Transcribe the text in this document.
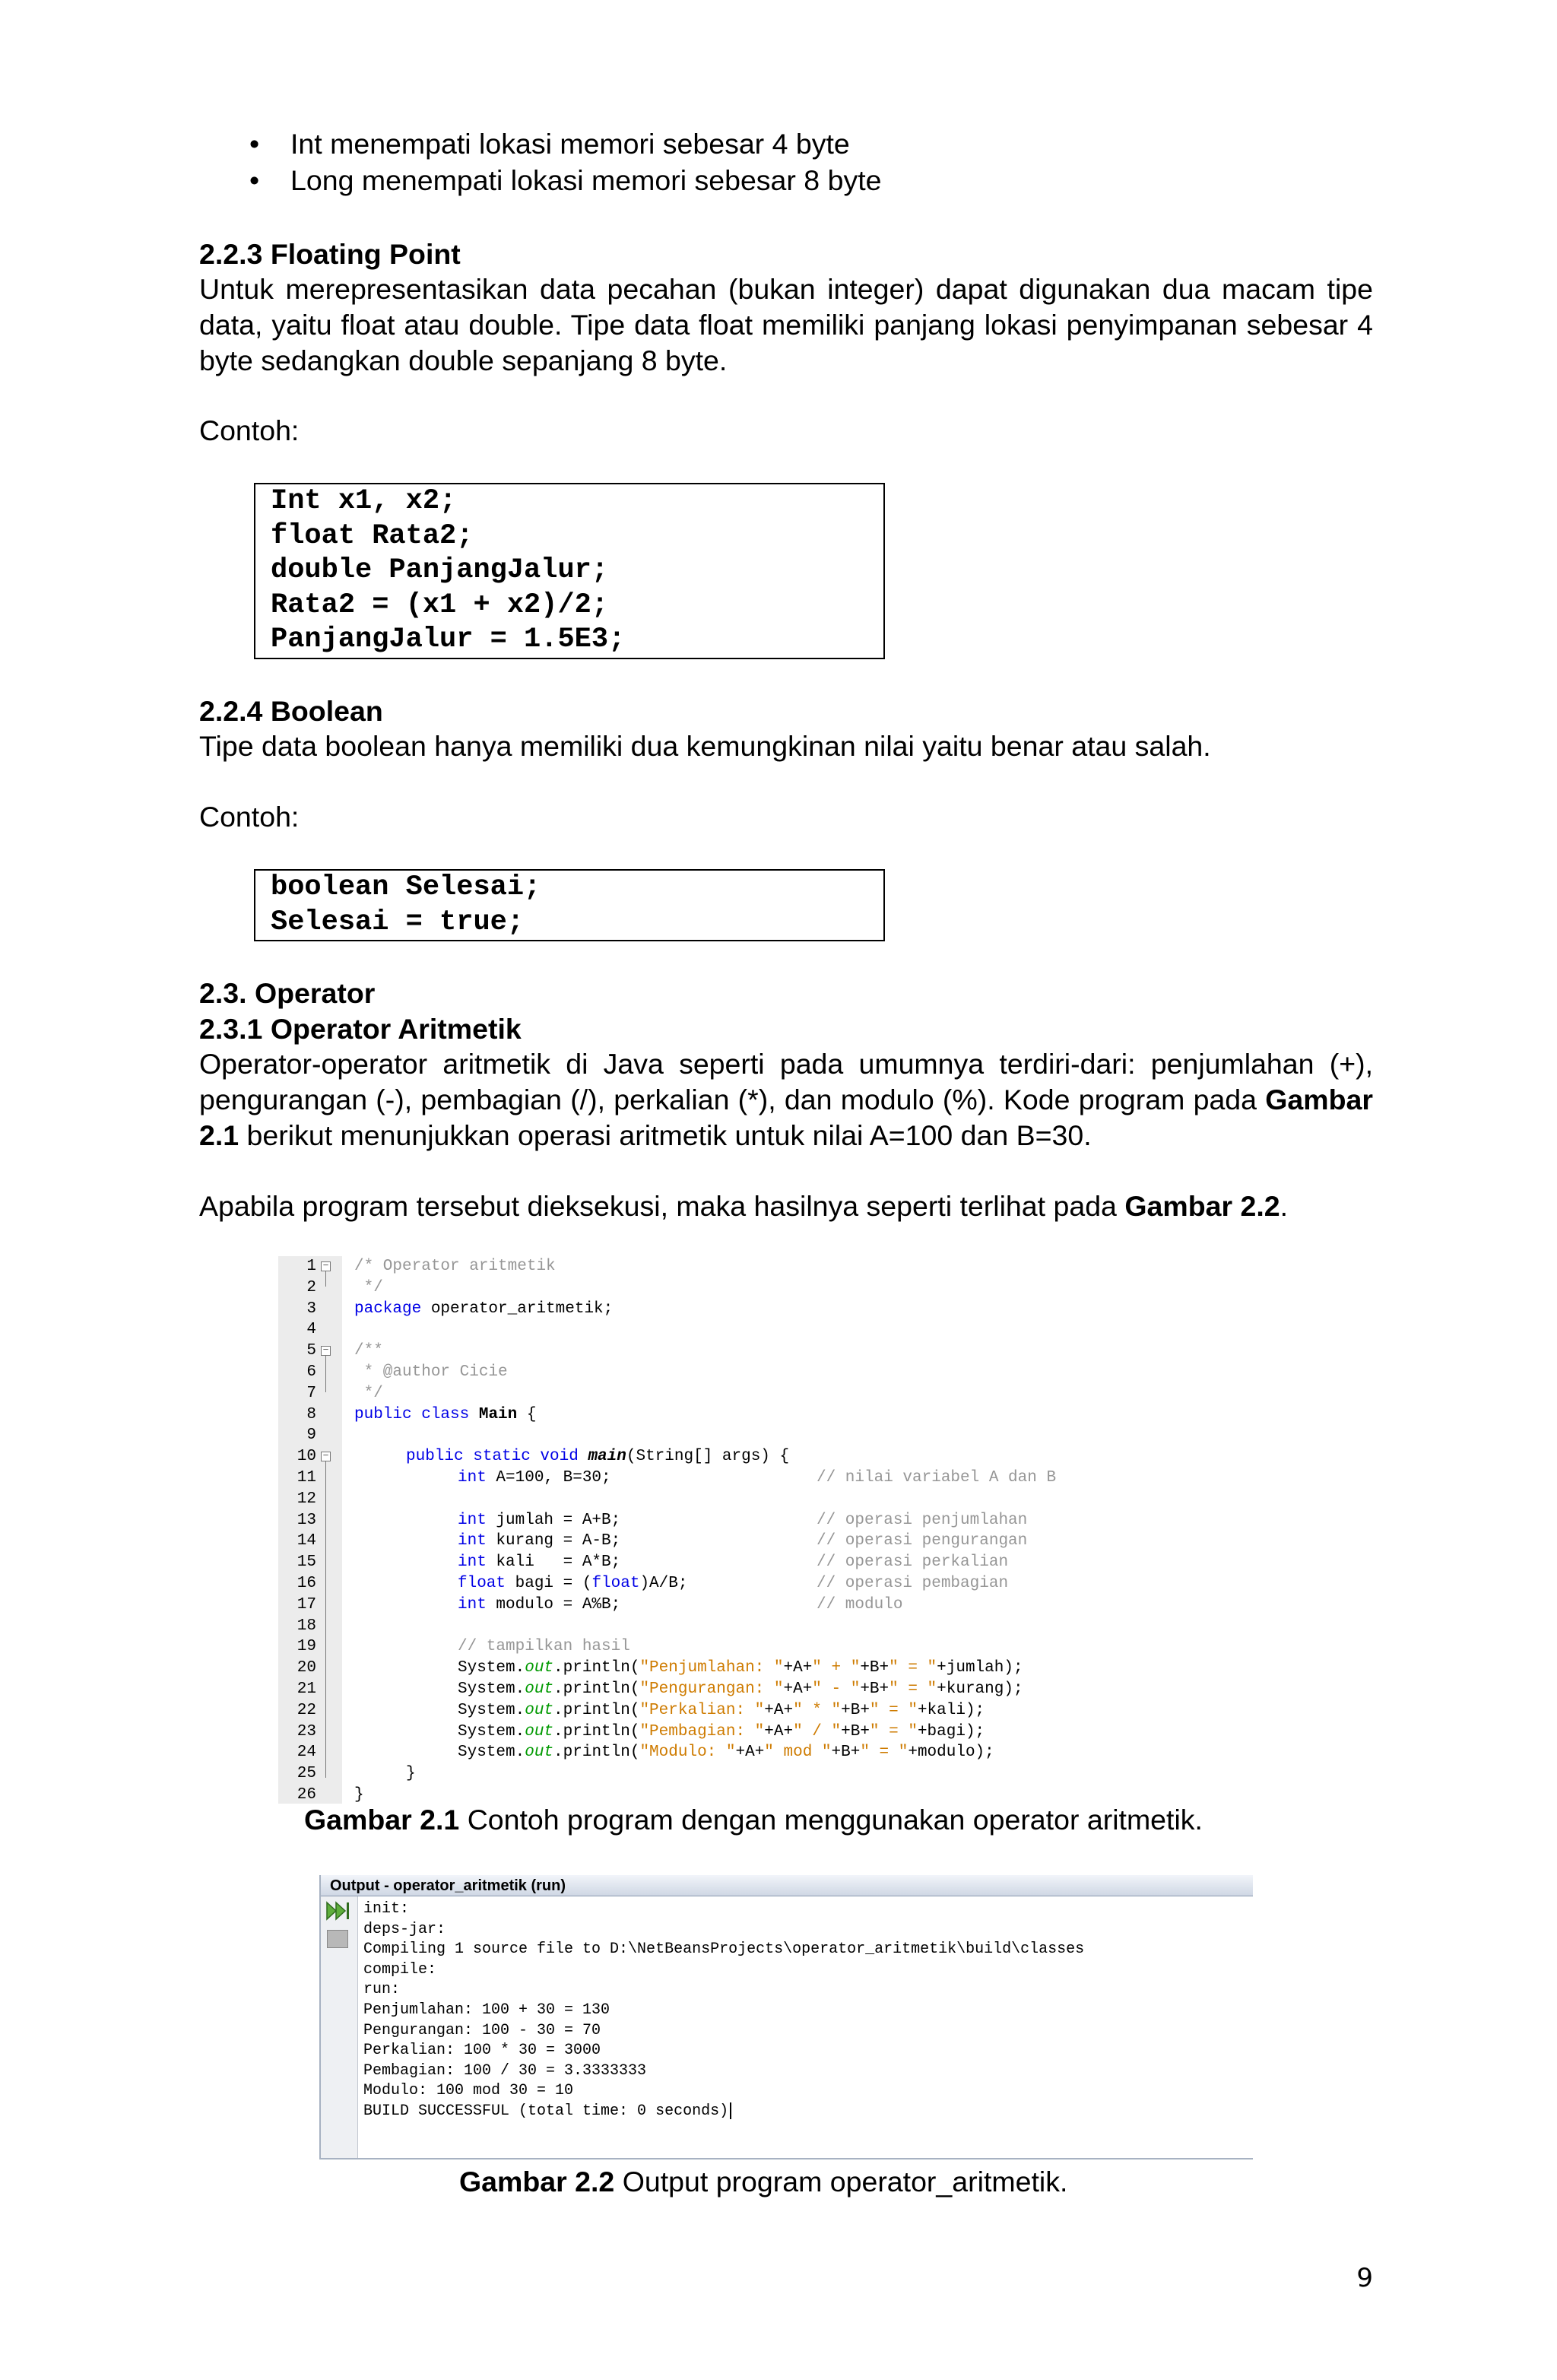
• Int menempati lokasi memori sebesar 4 byte
• Long menempati lokasi memori sebesar 8 byte
2.2.3 Floating Point
Untuk merepresentasikan data pecahan (bukan integer) dapat digunakan dua macam tipe data, yaitu float atau double. Tipe data float memiliki panjang lokasi penyimpanan sebesar 4 byte sedangkan double sepanjang 8 byte.
Contoh:
Int x1, x2;
float Rata2;
double PanjangJalur;
Rata2 = (x1 + x2)/2;
PanjangJalur = 1.5E3;
2.2.4 Boolean
Tipe data boolean hanya memiliki dua kemungkinan nilai yaitu benar atau salah.
Contoh:
boolean Selesai;
Selesai = true;
2.3. Operator
2.3.1 Operator Aritmetik
Operator-operator aritmetik di Java seperti pada umumnya terdiri-dari: penjumlahan (+), pengurangan (-), pembagian (/), perkalian (*), dan modulo (%). Kode program pada Gambar 2.1 berikut menunjukkan operasi aritmetik untuk nilai A=100 dan B=30.
Apabila program tersebut dieksekusi, maka hasilnya seperti terlihat pada Gambar 2.2.
1 − /* Operator aritmetik
2 */
3 package operator_aritmetik;
4
5 − /**
6 * @author Cicie
7 */
8 public class Main {
9
10 −	public static void main(String[] args) {
11	int A=100, B=30;	// nilai variabel A dan B
12
13	int jumlah = A+B;	// operasi penjumlahan
14	int kurang = A-B;	// operasi pengurangan
15	int kali   = A*B;	// operasi perkalian
16	float bagi = (float)A/B;	// operasi pembagian
17	int modulo = A%B;	// modulo
18
19	// tampilkan hasil
20	System.out.println("Penjumlahan: "+A+" + "+B+" = "+jumlah);
21	System.out.println("Pengurangan: "+A+" - "+B+" = "+kurang);
22	System.out.println("Perkalian: "+A+" * "+B+" = "+kali);
23	System.out.println("Pembagian: "+A+" / "+B+" = "+bagi);
24	System.out.println("Modulo: "+A+" mod "+B+" = "+modulo);
25	}
26 }
Gambar 2.1 Contoh program dengan menggunakan operator aritmetik.
Output - operator_aritmetik (run)
init:
deps-jar:
Compiling 1 source file to D:\NetBeansProjects\operator_aritmetik\build\classes
compile:
run:
Penjumlahan: 100 + 30 = 130
Pengurangan: 100 - 30 = 70
Perkalian: 100 * 30 = 3000
Pembagian: 100 / 30 = 3.3333333
Modulo: 100 mod 30 = 10
BUILD SUCCESSFUL (total time: 0 seconds)
Gambar 2.2 Output program operator_aritmetik.
9
